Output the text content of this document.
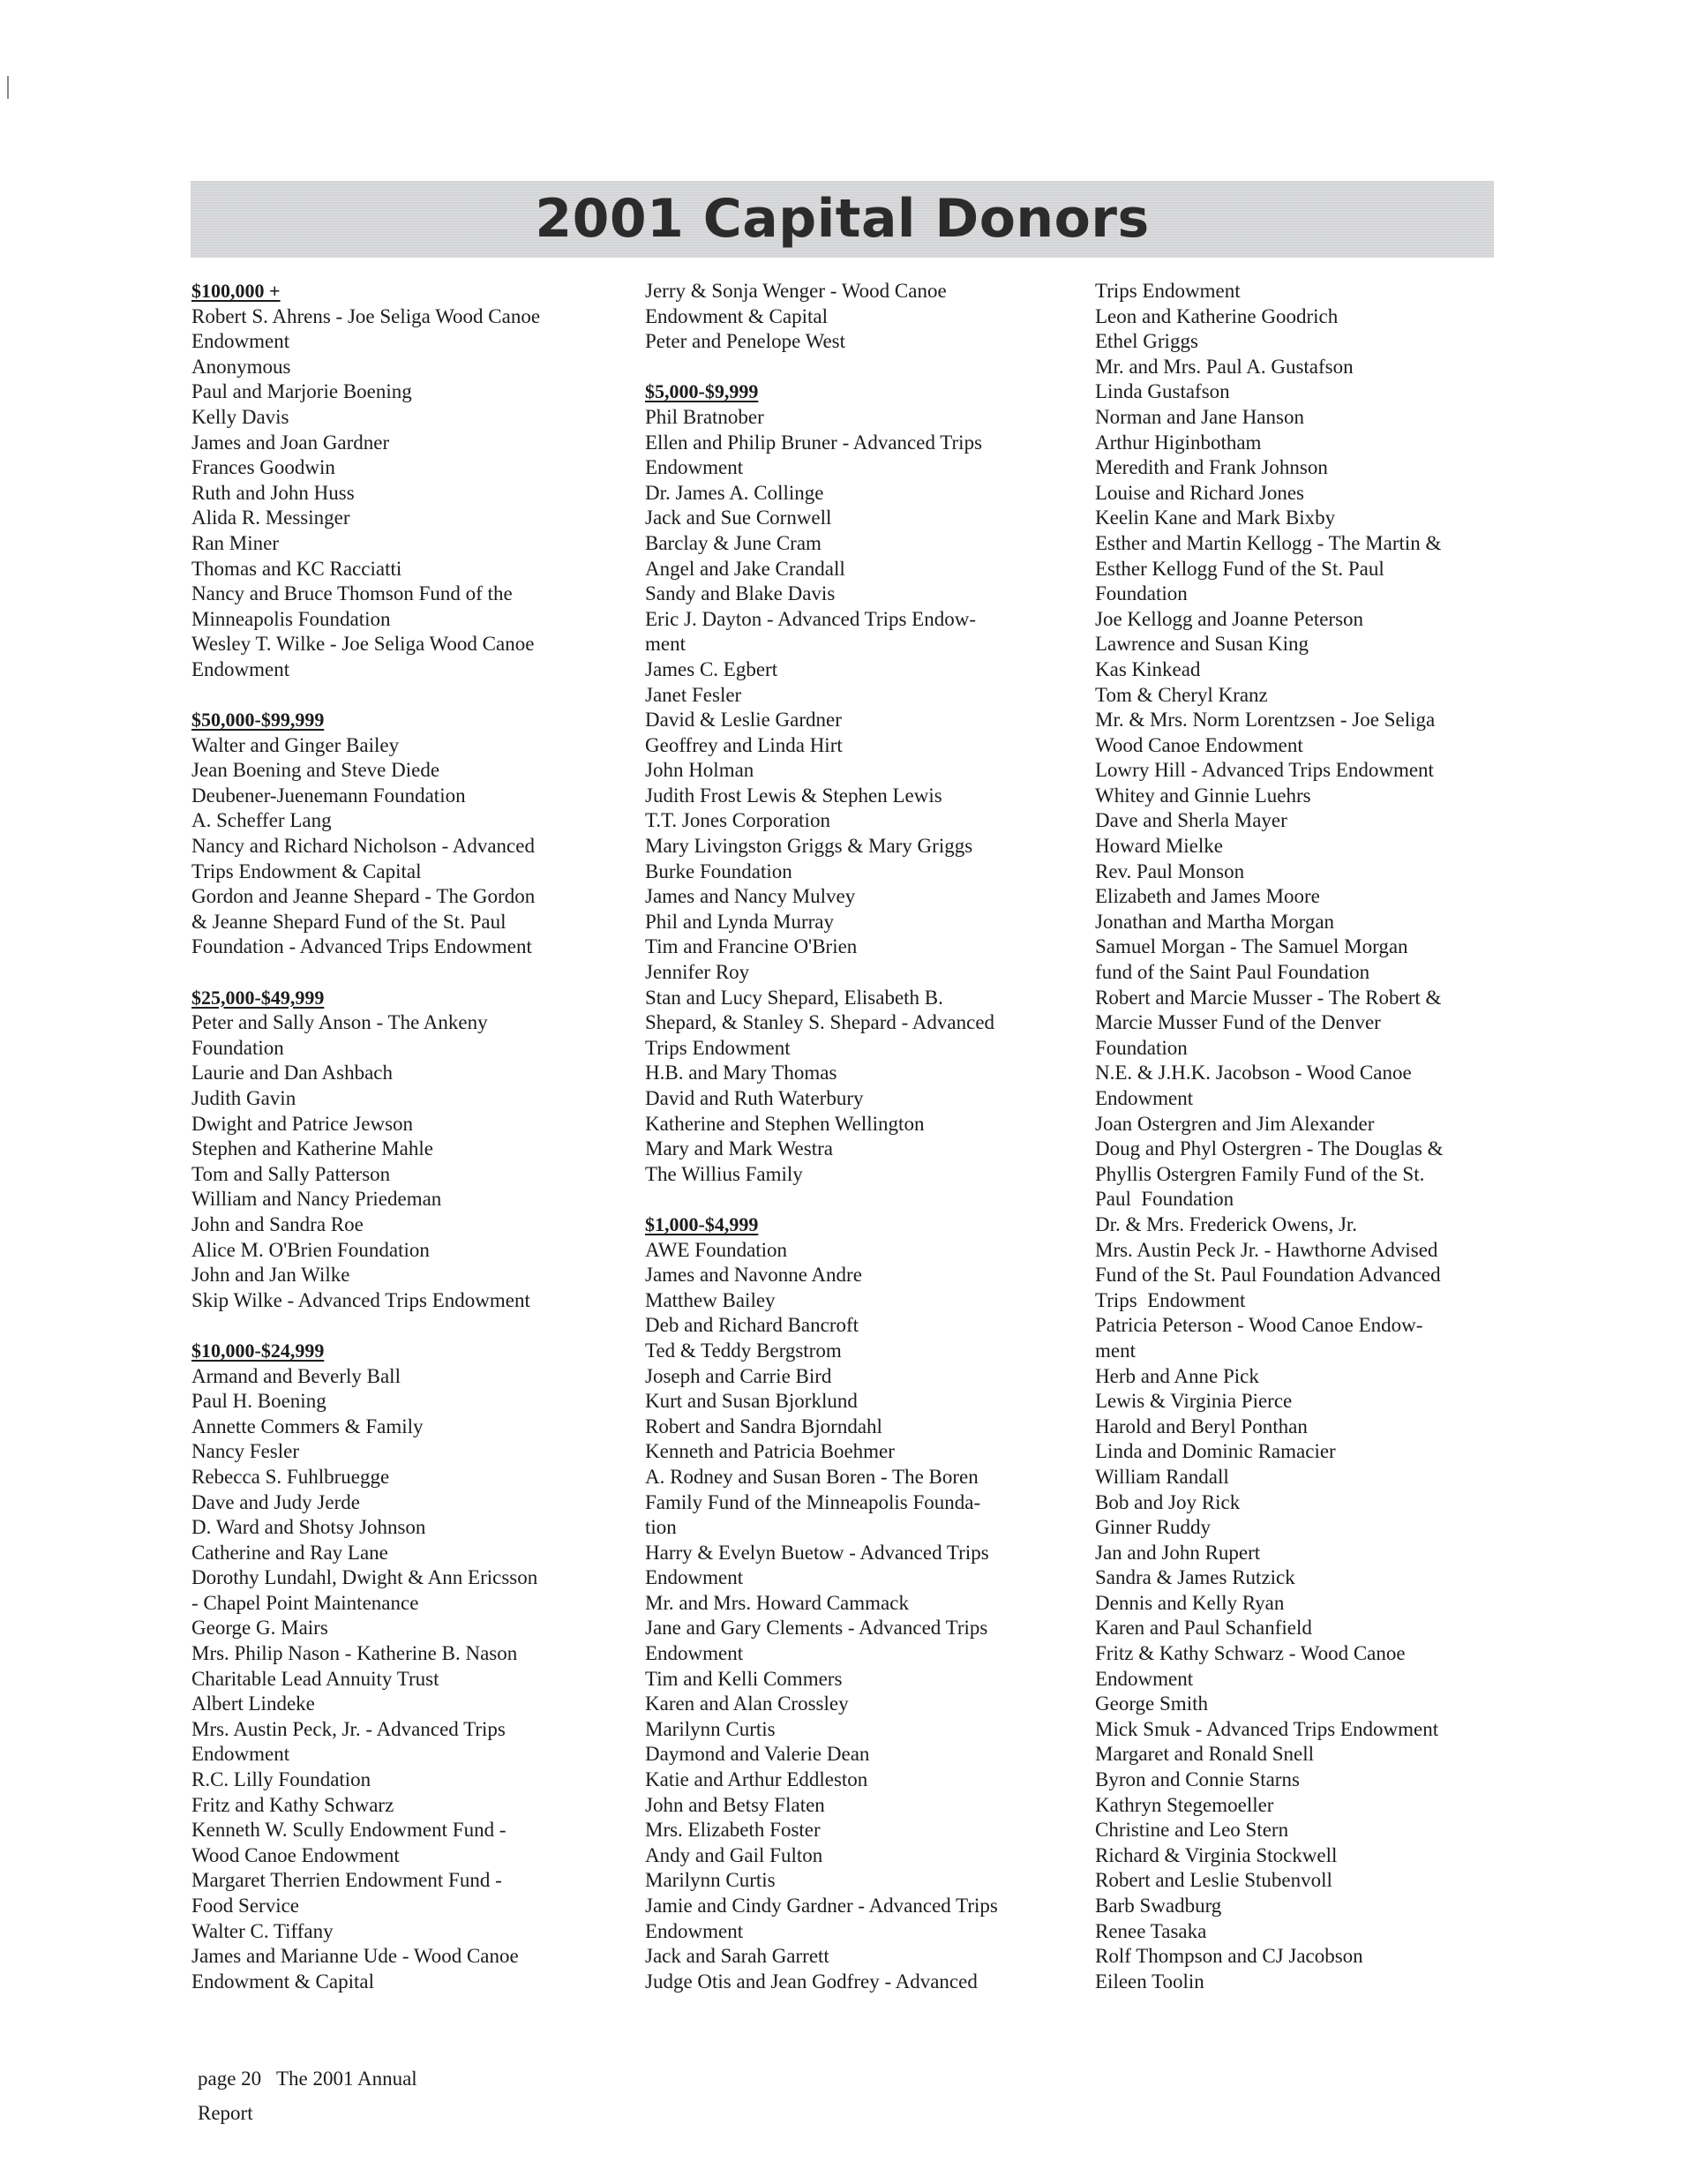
2001 Capital Donors
$100,000 +
Robert S. Ahrens - Joe Seliga Wood Canoe
Endowment
Anonymous
Paul and Marjorie Boening
Kelly Davis
James and Joan Gardner
Frances Goodwin
Ruth and John Huss
Alida R. Messinger
Ran Miner
Thomas and KC Racciatti
Nancy and Bruce Thomson Fund of the
Minneapolis Foundation
Wesley T. Wilke - Joe Seliga Wood Canoe
Endowment
$50,000-$99,999
Walter and Ginger Bailey
Jean Boening and Steve Diede
Deubener-Juenemann Foundation
A. Scheffer Lang
Nancy and Richard Nicholson - Advanced
Trips Endowment & Capital
Gordon and Jeanne Shepard - The Gordon
& Jeanne Shepard Fund of the St. Paul
Foundation - Advanced Trips Endowment
$25,000-$49,999
Peter and Sally Anson - The Ankeny
Foundation
Laurie and Dan Ashbach
Judith Gavin
Dwight and Patrice Jewson
Stephen and Katherine Mahle
Tom and Sally Patterson
William and Nancy Priedeman
John and Sandra Roe
Alice M. O'Brien Foundation
John and Jan Wilke
Skip Wilke - Advanced Trips Endowment
$10,000-$24,999
Armand and Beverly Ball
Paul H. Boening
Annette Commers & Family
Nancy Fesler
Rebecca S. Fuhlbruegge
Dave and Judy Jerde
D. Ward and Shotsy Johnson
Catherine and Ray Lane
Dorothy Lundahl, Dwight & Ann Ericsson
- Chapel Point Maintenance
George G. Mairs
Mrs. Philip Nason - Katherine B. Nason
Charitable Lead Annuity Trust
Albert Lindeke
Mrs. Austin Peck, Jr. - Advanced Trips
Endowment
R.C. Lilly Foundation
Fritz and Kathy Schwarz
Kenneth W. Scully Endowment Fund -
Wood Canoe Endowment
Margaret Therrien Endowment Fund -
Food Service
Walter C. Tiffany
James and Marianne Ude - Wood Canoe
Endowment & Capital
Jerry & Sonja Wenger - Wood Canoe
Endowment & Capital
Peter and Penelope West
$5,000-$9,999
Phil Bratnober
Ellen and Philip Bruner - Advanced Trips
Endowment
Dr. James A. Collinge
Jack and Sue Cornwell
Barclay & June Cram
Angel and Jake Crandall
Sandy and Blake Davis
Eric J. Dayton - Advanced Trips Endow-
ment
James C. Egbert
Janet Fesler
David & Leslie Gardner
Geoffrey and Linda Hirt
John Holman
Judith Frost Lewis & Stephen Lewis
T.T. Jones Corporation
Mary Livingston Griggs & Mary Griggs
Burke Foundation
James and Nancy Mulvey
Phil and Lynda Murray
Tim and Francine O'Brien
Jennifer Roy
Stan and Lucy Shepard, Elisabeth B.
Shepard, & Stanley S. Shepard - Advanced
Trips Endowment
H.B. and Mary Thomas
David and Ruth Waterbury
Katherine and Stephen Wellington
Mary and Mark Westra
The Willius Family
$1,000-$4,999
AWE Foundation
James and Navonne Andre
Matthew Bailey
Deb and Richard Bancroft
Ted & Teddy Bergstrom
Joseph and Carrie Bird
Kurt and Susan Bjorklund
Robert and Sandra Bjorndahl
Kenneth and Patricia Boehmer
A. Rodney and Susan Boren - The Boren
Family Fund of the Minneapolis Founda-
tion
Harry & Evelyn Buetow - Advanced Trips
Endowment
Mr. and Mrs. Howard Cammack
Jane and Gary Clements - Advanced Trips
Endowment
Tim and Kelli Commers
Karen and Alan Crossley
Marilynn Curtis
Daymond and Valerie Dean
Katie and Arthur Eddleston
John and Betsy Flaten
Mrs. Elizabeth Foster
Andy and Gail Fulton
Marilynn Curtis
Jamie and Cindy Gardner - Advanced Trips
Endowment
Jack and Sarah Garrett
Judge Otis and Jean Godfrey - Advanced
Trips Endowment
Leon and Katherine Goodrich
Ethel Griggs
Mr. and Mrs. Paul A. Gustafson
Linda Gustafson
Norman and Jane Hanson
Arthur Higinbotham
Meredith and Frank Johnson
Louise and Richard Jones
Keelin Kane and Mark Bixby
Esther and Martin Kellogg - The Martin &
Esther Kellogg Fund of the St. Paul
Foundation
Joe Kellogg and Joanne Peterson
Lawrence and Susan King
Kas Kinkead
Tom & Cheryl Kranz
Mr. & Mrs. Norm Lorentzsen - Joe Seliga
Wood Canoe Endowment
Lowry Hill - Advanced Trips Endowment
Whitey and Ginnie Luehrs
Dave and Sherla Mayer
Howard Mielke
Rev. Paul Monson
Elizabeth and James Moore
Jonathan and Martha Morgan
Samuel Morgan - The Samuel Morgan
fund of the Saint Paul Foundation
Robert and Marcie Musser - The Robert &
Marcie Musser Fund of the Denver
Foundation
N.E. & J.H.K. Jacobson - Wood Canoe
Endowment
Joan Ostergren and Jim Alexander
Doug and Phyl Ostergren - The Douglas &
Phyllis Ostergren Family Fund of the St.
Paul  Foundation
Dr. & Mrs. Frederick Owens, Jr.
Mrs. Austin Peck Jr. - Hawthorne Advised
Fund of the St. Paul Foundation Advanced
Trips  Endowment
Patricia Peterson - Wood Canoe Endow-
ment
Herb and Anne Pick
Lewis & Virginia Pierce
Harold and Beryl Ponthan
Linda and Dominic Ramacier
William Randall
Bob and Joy Rick
Ginner Ruddy
Jan and John Rupert
Sandra & James Rutzick
Dennis and Kelly Ryan
Karen and Paul Schanfield
Fritz & Kathy Schwarz - Wood Canoe
Endowment
George Smith
Mick Smuk - Advanced Trips Endowment
Margaret and Ronald Snell
Byron and Connie Starns
Kathryn Stegemoeller
Christine and Leo Stern
Richard & Virginia Stockwell
Robert and Leslie Stubenvoll
Barb Swadburg
Renee Tasaka
Rolf Thompson and CJ Jacobson
Eileen Toolin
page 20   The 2001 Annual
Report
